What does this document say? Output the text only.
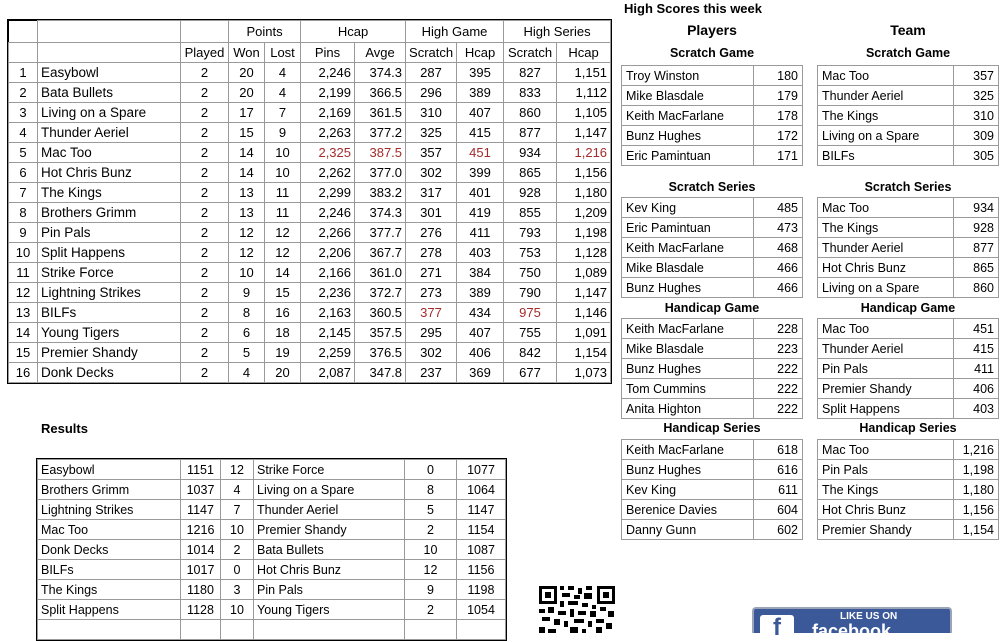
			Points		Hcap		High Game		High Series	
		Played	Won	Lost	Pins	Avge	Scratch	Hcap	Scratch	Hcap
1	Easybowl	2	20	4	2,246	374.3	287	395	827	1,151
2	Bata Bullets	2	20	4	2,199	366.5	296	389	833	1,112
3	Living on a Spare	2	17	7	2,169	361.5	310	407	860	1,105
4	Thunder Aeriel	2	15	9	2,263	377.2	325	415	877	1,147
5	Mac Too	2	14	10	2,325	387.5	357	451	934	1,216
6	Hot Chris Bunz	2	14	10	2,262	377.0	302	399	865	1,156
7	The Kings	2	13	11	2,299	383.2	317	401	928	1,180
8	Brothers Grimm	2	13	11	2,246	374.3	301	419	855	1,209
9	Pin Pals	2	12	12	2,266	377.7	276	411	793	1,198
10	Split Happens	2	12	12	2,206	367.7	278	403	753	1,128
11	Strike Force	2	10	14	2,166	361.0	271	384	750	1,089
12	Lightning Strikes	2	9	15	2,236	372.7	273	389	790	1,147
13	BILFs	2	8	16	2,163	360.5	377	434	975	1,146
14	Young Tigers	2	6	18	2,145	357.5	295	407	755	1,091
15	Premier Shandy	2	5	19	2,259	376.5	302	406	842	1,154
16	Donk Decks	2	4	20	2,087	347.8	237	369	677	1,073
Results
Easybowl	1151	12	Strike Force	0	1077
Brothers Grimm	1037	4	Living on a Spare	8	1064
Lightning Strikes	1147	7	Thunder Aeriel	5	1147
Mac Too	1216	10	Premier Shandy	2	1154
Donk Decks	1014	2	Bata Bullets	10	1087
BILFs	1017	0	Hot Chris Bunz	12	1156
The Kings	1180	3	Pin Pals	9	1198
Split Happens	1128	10	Young Tigers	2	1054

High Scores this week
Players	Team
Scratch Game
Troy Winston	180
Mike Blasdale	179
Keith MacFarlane	178
Bunz Hughes	172
Eric Pamintuan	171
Scratch Series
Kev King	485
Eric Pamintuan	473
Keith MacFarlane	468
Mike Blasdale	466
Bunz Hughes	466
Handicap Game
Keith MacFarlane	228
Mike Blasdale	223
Bunz Hughes	222
Tom Cummins	222
Anita Highton	222
Handicap Series
Keith MacFarlane	618
Bunz Hughes	616
Kev King	611
Berenice Davies	604
Danny Gunn	602
Scratch Game
Mac Too	357
Thunder Aeriel	325
The Kings	310
Living on a Spare	309
BILFs	305
Scratch Series
Mac Too	934
The Kings	928
Thunder Aeriel	877
Hot Chris Bunz	865
Living on a Spare	860
Handicap Game
Mac Too	451
Thunder Aeriel	415
Pin Pals	411
Premier Shandy	406
Split Happens	403
Handicap Series
Mac Too	1,216
Pin Pals	1,198
The Kings	1,180
Hot Chris Bunz	1,156
Premier Shandy	1,154
f	LIKE US ON
facebook
